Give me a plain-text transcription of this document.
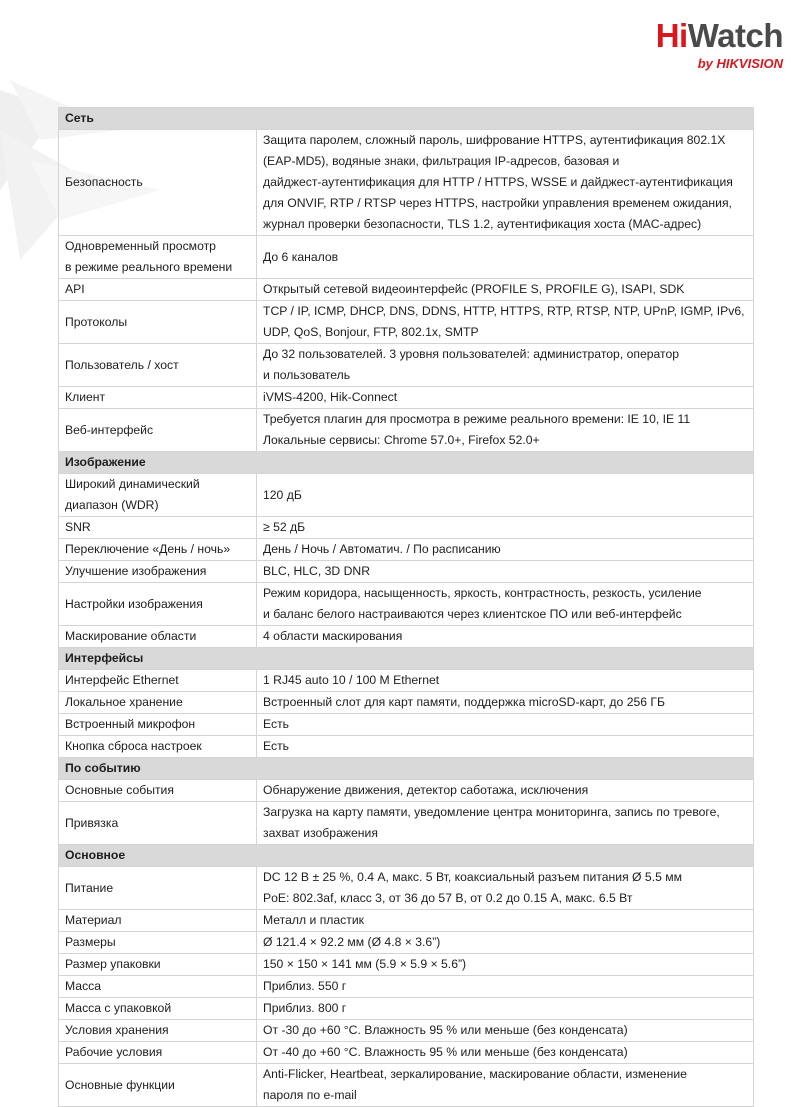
HiWatch
by HIKVISION
Сеть	
Безопасность	Защита паролем, сложный пароль, шифрование HTTPS, аутентификация 802.1X
(EAP-MD5), водяные знаки, фильтрация IP-адресов, базовая и
дайджест-аутентификация для HTTP / HTTPS, WSSE и дайджест-аутентификация
для ONVIF, RTP / RTSP через HTTPS, настройки управления временем ожидания,
журнал проверки безопасности, TLS 1.2, аутентификация хоста (MAC-адрес)
Одновременный просмотр
в режиме реального времени	До 6 каналов
API	Открытый сетевой видеоинтерфейс (PROFILE S, PROFILE G), ISAPI, SDK
Протоколы	TCP / IP, ICMP, DHCP, DNS, DDNS, HTTP, HTTPS, RTP, RTSP, NTP, UPnP, IGMP, IPv6,
UDP, QoS, Bonjour, FTP, 802.1x, SMTP
Пользователь / хост	До 32 пользователей. 3 уровня пользователей: администратор, оператор
и пользователь
Клиент	iVMS-4200, Hik-Connect
Веб-интерфейс	Требуется плагин для просмотра в режиме реального времени: IE 10, IE 11
Локальные сервисы: Chrome 57.0+, Firefox 52.0+
Изображение	
Широкий динамический
диапазон (WDR)	120 дБ
SNR	≥ 52 дБ
Переключение «День / ночь»	День / Ночь / Автоматич. / По расписанию
Улучшение изображения	BLC, HLC, 3D DNR
Настройки изображения	Режим коридора, насыщенность, яркость, контрастность, резкость, усиление
и баланс белого настраиваются через клиентское ПО или веб-интерфейс
Маскирование области	4 области маскирования
Интерфейсы	
Интерфейс Ethernet	1 RJ45 auto 10 / 100 M Ethernet
Локальное хранение	Встроенный слот для карт памяти, поддержка microSD-карт, до 256 ГБ
Встроенный микрофон	Есть
Кнопка сброса настроек	Есть
По событию	
Основные события	Обнаружение движения, детектор саботажа, исключения
Привязка	Загрузка на карту памяти, уведомление центра мониторинга, запись по тревоге,
захват изображения
Основное	
Питание	DC 12 В ± 25 %, 0.4 А, макс. 5 Вт, коаксиальный разъем питания Ø 5.5 мм
PoE: 802.3af, класс 3, от 36 до 57 В, от 0.2 до 0.15 А, макс. 6.5 Вт
Материал	Металл и пластик
Размеры	Ø 121.4 × 92.2 мм (Ø 4.8 × 3.6”)
Размер упаковки	150 × 150 × 141 мм (5.9 × 5.9 × 5.6”)
Масса	Приблиз. 550 г
Масса с упаковкой	Приблиз. 800 г
Условия хранения	От -30 до +60 °С. Влажность 95 % или меньше (без конденсата)
Рабочие условия	От -40 до +60 °С. Влажность 95 % или меньше (без конденсата)
Основные функции	Anti-Flicker, Heartbeat, зеркалирование, маскирование области, изменение
пароля по e-mail
